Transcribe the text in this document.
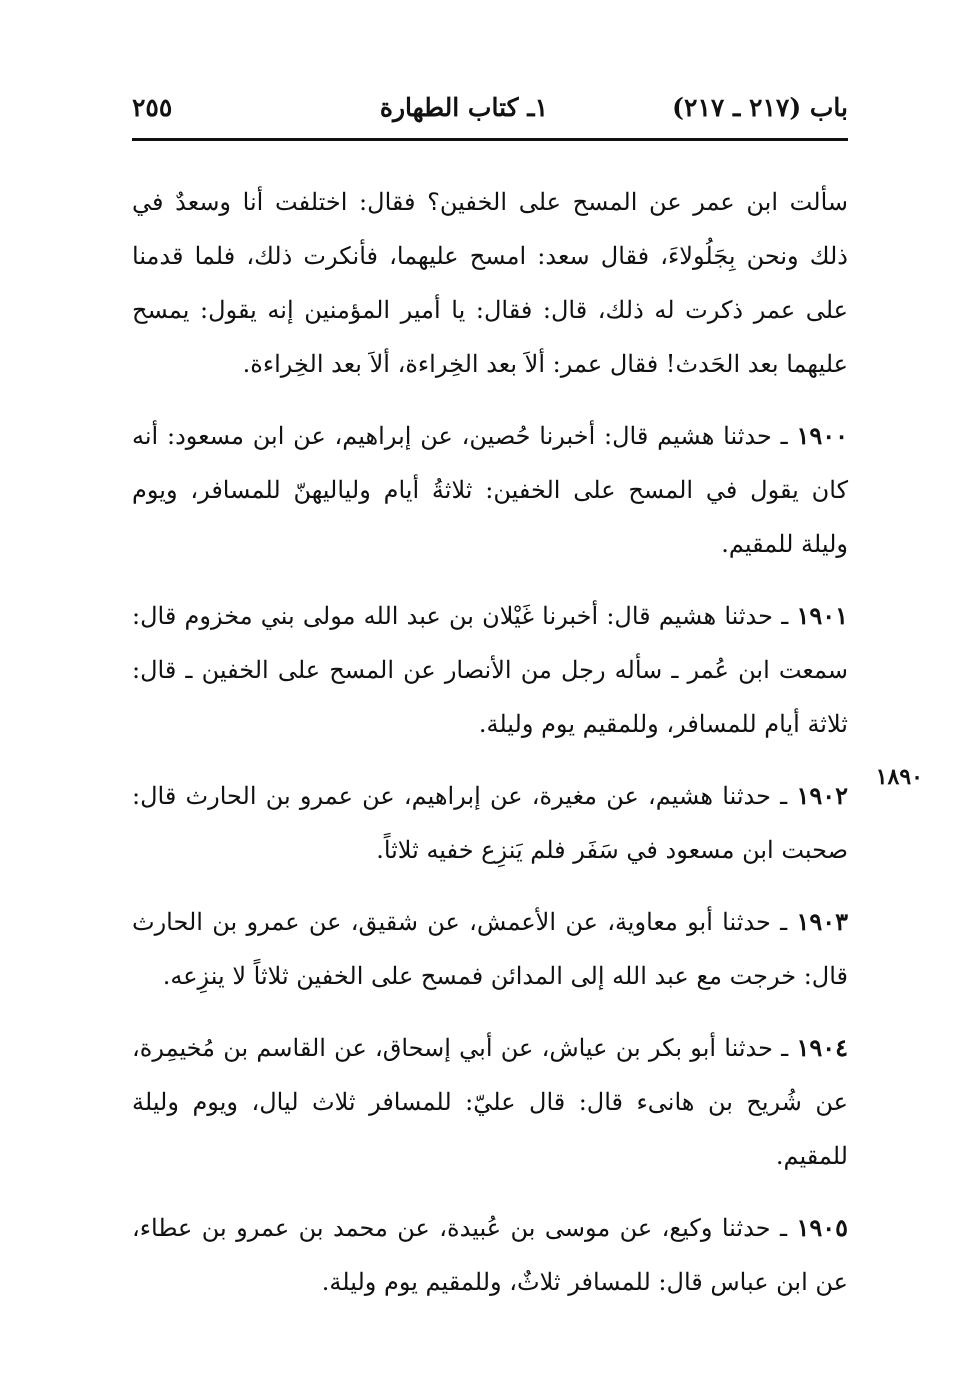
باب (٢١٧ ـ ٢١٧)
١ـ كتاب الطهارة
٢٥٥
١٨٩٠

سألت ابن عمر عن المسح على الخفين؟ فقال: اختلفت أنا وسعدٌ في ذلك ونحن بِجَلُولاءَ، فقال سعد: امسح عليهما، فأنكرت ذلك، فلما قدمنا على عمر ذكرت له ذلك، قال: فقال: يا أمير المؤمنين إنه يقول: يمسح عليهما بعد الحَدث! فقال عمر: ألاَ بعد الخِراءة، ألاَ بعد الخِراءة.

١٩٠٠ ـ حدثنا هشيم قال: أخبرنا حُصين، عن إبراهيم، عن ابن مسعود: أنه كان يقول في المسح على الخفين: ثلاثةُ أيام ولياليهنّ للمسافر، ويوم وليلة للمقيم.

١٩٠١ ـ حدثنا هشيم قال: أخبرنا غَيْلان بن عبد الله مولى بني مخزوم قال: سمعت ابن عُمر ـ سأله رجل من الأنصار عن المسح على الخفين ـ قال: ثلاثة أيام للمسافر، وللمقيم يوم وليلة.

١٩٠٢ ـ حدثنا هشيم، عن مغيرة، عن إبراهيم، عن عمرو بن الحارث قال: صحبت ابن مسعود في سَفَر فلم يَنزِع خفيه ثلاثاً.

١٩٠٣ ـ حدثنا أبو معاوية، عن الأعمش، عن شقيق، عن عمرو بن الحارث قال: خرجت مع عبد الله إلى المدائن فمسح على الخفين ثلاثاً لا ينزِعه.

١٩٠٤ ـ حدثنا أبو بكر بن عياش، عن أبي إسحاق، عن القاسم بن مُخيمِرة، عن شُريح بن هانىء قال: قال عليّ: للمسافر ثلاث ليال، ويوم وليلة للمقيم.

١٩٠٥ ـ حدثنا وكيع، عن موسى بن عُبيدة، عن محمد بن عمرو بن عطاء، عن ابن عباس قال: للمسافر ثلاثٌ، وللمقيم يوم وليلة.
